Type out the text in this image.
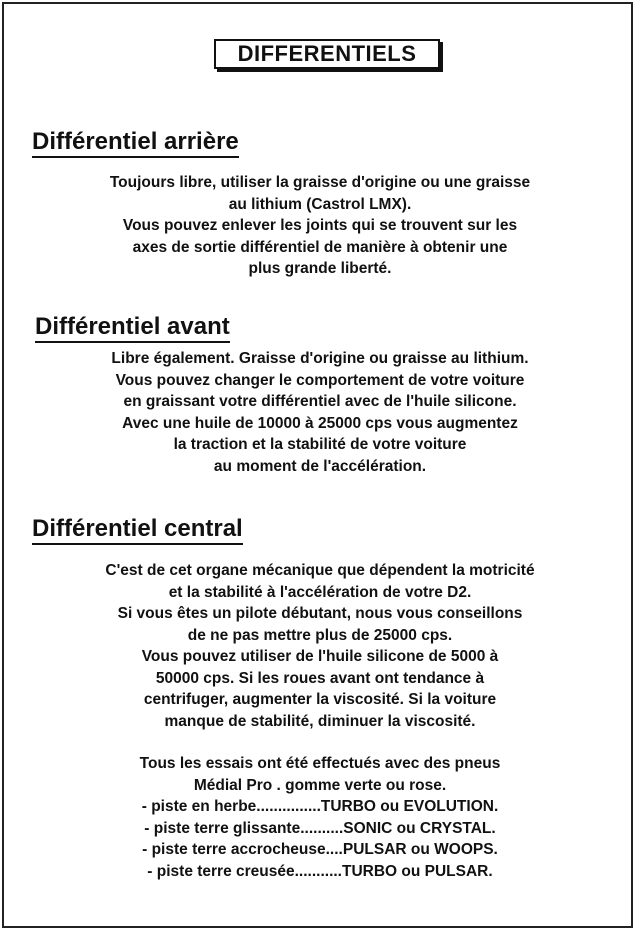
DIFFERENTIELS
Différentiel arrière
Toujours libre, utiliser la graisse d'origine ou une graisse
au lithium (Castrol LMX).
Vous pouvez enlever les joints qui se trouvent sur les
axes de sortie différentiel de manière à obtenir une
plus grande liberté.
Différentiel avant
Libre également. Graisse d'origine ou graisse au lithium.
Vous pouvez changer le comportement de votre voiture
en graissant votre différentiel avec de l'huile silicone.
Avec une huile de 10000 à 25000 cps vous augmentez
la traction et la stabilité de votre voiture
au moment de l'accélération.
Différentiel central
C'est de cet organe mécanique que dépendent la motricité
et la stabilité à l'accélération de votre D2.
Si vous êtes un pilote débutant, nous vous conseillons
de ne pas mettre plus de 25000 cps.
Vous pouvez utiliser de l'huile silicone de 5000 à
50000 cps. Si les roues avant ont tendance à
centrifuger, augmenter la viscosité. Si la voiture
manque de stabilité, diminuer la viscosité.
Tous les essais ont été effectués avec des pneus
Médial Pro . gomme verte ou rose.
- piste en herbe...............TURBO ou EVOLUTION.
- piste terre glissante..........SONIC ou CRYSTAL.
- piste terre accrocheuse....PULSAR ou WOOPS.
- piste terre creusée...........TURBO ou PULSAR.
